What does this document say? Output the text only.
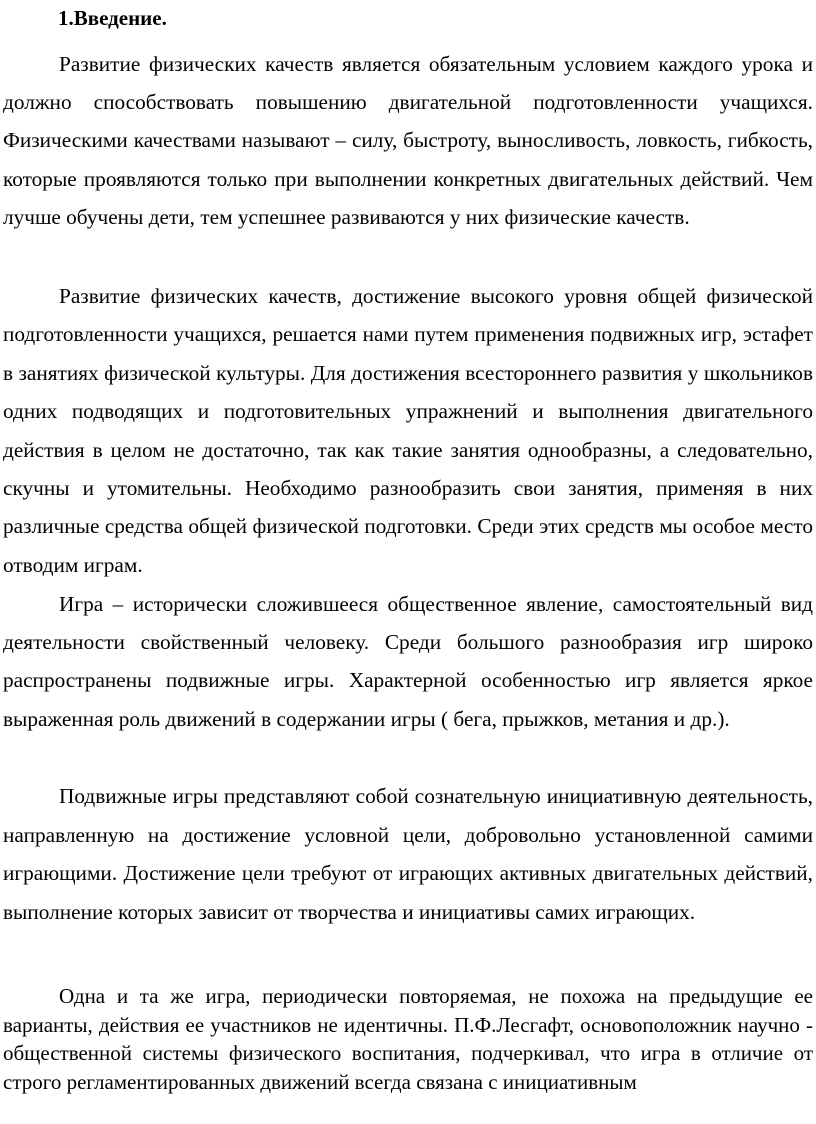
1.Введение.

Развитие физических качеств является обязательным условием каждого урока и должно способствовать повышению двигательной подготовленности учащихся. Физическими качествами называют – силу, быстроту, выносливость, ловкость, гибкость, которые проявляются только при выполнении конкретных двигательных действий. Чем лучше обучены дети, тем успешнее развиваются у них физические качеств.

Развитие физических качеств, достижение высокого уровня общей физической подготовленности учащихся, решается нами путем применения подвижных игр, эстафет в занятиях физической культуры. Для достижения всестороннего развития у школьников одних подводящих и подготовительных упражнений и выполнения двигательного действия в целом не достаточно, так как такие занятия однообразны, а следовательно, скучны и утомительны. Необходимо разнообразить свои занятия, применяя в них различные средства общей физической подготовки. Среди этих средств мы особое место отводим играм.

Игра – исторически сложившееся общественное явление, самостоятельный вид деятельности свойственный человеку. Среди большого разнообразия игр широко распространены подвижные игры. Характерной особенностью игр является яркое выраженная роль движений в содержании игры ( бега, прыжков, метания и др.).

Подвижные игры представляют собой сознательную инициативную деятельность, направленную на достижение условной цели, добровольно установленной самими играющими. Достижение цели требуют от играющих активных двигательных действий, выполнение которых зависит от творчества и инициативы самих играющих.

Одна и та же игра, периодически повторяемая, не похожа на предыдущие ее варианты, действия ее участников не идентичны. П.Ф.Лесгафт, основоположник научно - общественной системы физического воспитания, подчеркивал, что игра в отличие от строго регламентированных движений всегда связана с инициативным
